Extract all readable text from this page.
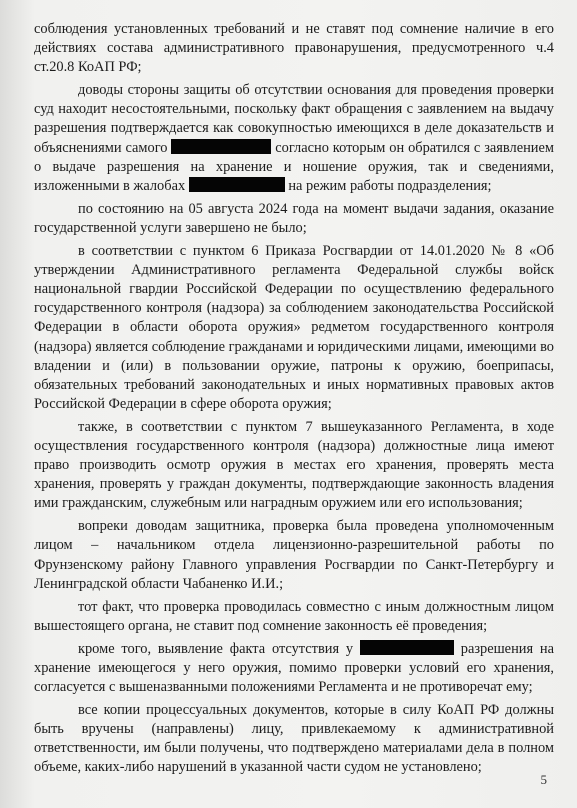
соблюдения установленных требований и не ставят под сомнение наличие в его действиях состава административного правонарушения, предусмотренного ч.4 ст.20.8 КоАП РФ;

доводы стороны защиты об отсутствии основания для проведения проверки суд находит несостоятельными, поскольку факт обращения с заявлением на выдачу разрешения подтверждается как совокупностью имеющихся в деле доказательств и объяснениями самого	согласно которым он обратился с заявлением о выдаче разрешения на хранение и ношение оружия, так и сведениями, изложенными в жалобах	на режим работы подразделения;

по состоянию на 05 августа 2024 года на момент выдачи задания, оказание государственной услуги завершено не было;

в соответствии с пунктом 6 Приказа Росгвардии от 14.01.2020 № 8 «Об утверждении Административного регламента Федеральной службы войск национальной гвардии Российской Федерации по осуществлению федерального государственного контроля (надзора) за соблюдением законодательства Российской Федерации в области оборота оружия» редметом государственного контроля (надзора) является соблюдение гражданами и юридическими лицами, имеющими во владении и (или) в пользовании оружие, патроны к оружию, боеприпасы, обязательных требований законодательных и иных нормативных правовых актов Российской Федерации в сфере оборота оружия;

также, в соответствии с пунктом 7 вышеуказанного Регламента, в ходе осуществления государственного контроля (надзора) должностные лица имеют право производить осмотр оружия в местах его хранения, проверять места хранения, проверять у граждан документы, подтверждающие законность владения ими гражданским, служебным или наградным оружием или его использования;

вопреки доводам защитника, проверка была проведена уполномоченным лицом – начальником отдела лицензионно-разрешительной работы по Фрунзенскому району Главного управления Росгвардии по Санкт-Петербургу и Ленинградской области Чабаненко И.И.;

тот факт, что проверка проводилась совместно с иным должностным лицом вышестоящего органа, не ставит под сомнение законность её проведения;

кроме того, выявление факта отсутствия у	разрешения на хранение имеющегося у него оружия, помимо проверки условий его хранения, согласуется с вышеназванными положениями Регламента и не противоречат ему;

все копии процессуальных документов, которые в силу КоАП РФ должны быть вручены (направлены) лицу, привлекаемому к административной ответственности, им были получены, что подтверждено материалами дела в полном объеме, каких-либо нарушений в указанной части судом не установлено;

5
